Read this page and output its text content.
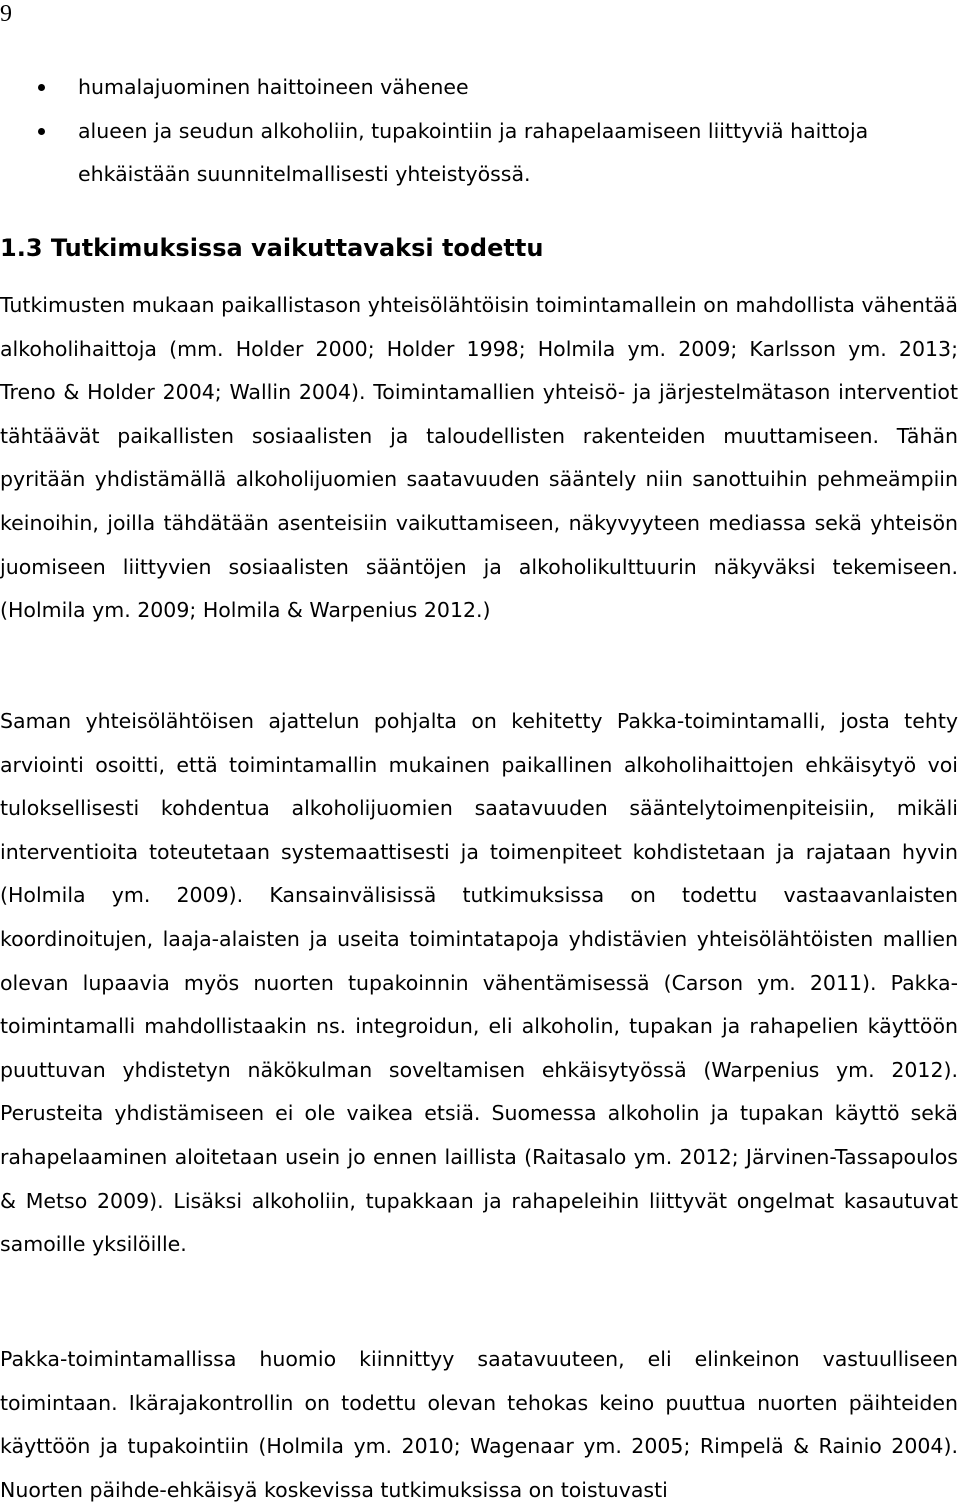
9
humalajuominen haittoineen vähenee
alueen ja seudun alkoholiin, tupakointiin ja rahapelaamiseen liittyviä haittoja ehkäistään suunnitelmallisesti yhteistyössä.
1.3 Tutkimuksissa vaikuttavaksi todettu

Tutkimusten mukaan paikallistason yhteisölähtöisin toimintamallein on mahdollista vähentää alkoholihaittoja (mm. Holder 2000; Holder 1998; Holmila ym. 2009; Karlsson ym. 2013; Treno & Holder 2004; Wallin 2004). Toimintamallien yhteisö- ja järjestelmätason interventiot tähtäävät paikallisten sosiaalisten ja taloudellisten rakenteiden muuttamiseen. Tähän pyritään yhdistämällä alkoholijuomien saatavuuden sääntely niin sanottuihin pehmeämpiin keinoihin, joilla tähdätään asenteisiin vaikuttamiseen, näkyvyyteen mediassa sekä yhteisön juomiseen liittyvien sosiaalisten sääntöjen ja alkoholikulttuurin näkyväksi tekemiseen. (Holmila ym. 2009; Holmila & Warpenius 2012.)

Saman yhteisölähtöisen ajattelun pohjalta on kehitetty Pakka-toimintamalli, josta tehty arviointi osoitti, että toimintamallin mukainen paikallinen alkoholihaittojen ehkäisytyö voi tuloksellisesti kohdentua alkoholijuomien saatavuuden sääntelytoimenpiteisiin, mikäli interventioita toteutetaan systemaattisesti ja toimenpiteet kohdistetaan ja rajataan hyvin (Holmila ym. 2009). Kansainvälisissä tutkimuksissa on todettu vastaavanlaisten koordinoitujen, laaja-alaisten ja useita toimintatapoja yhdistävien yhteisölähtöisten mallien olevan lupaavia myös nuorten tupakoinnin vähentämisessä (Carson ym. 2011). Pakka-toimintamalli mahdollistaakin ns. integroidun, eli alkoholin, tupakan ja rahapelien käyttöön puuttuvan yhdistetyn näkökulman soveltamisen ehkäisytyössä (Warpenius ym. 2012). Perusteita yhdistämiseen ei ole vaikea etsiä. Suomessa alkoholin ja tupakan käyttö sekä rahapelaaminen aloitetaan usein jo ennen laillista (Raitasalo ym. 2012; Järvinen-Tassapoulos & Metso 2009). Lisäksi alkoholiin, tupakkaan ja rahapeleihin liittyvät ongelmat kasautuvat samoille yksilöille.

Pakka-toimintamallissa huomio kiinnittyy saatavuuteen, eli elinkeinon vastuulliseen toimintaan. Ikärajakontrollin on todettu olevan tehokas keino puuttua nuorten päihteiden käyttöön ja tupakointiin (Holmila ym. 2010; Wagenaar ym. 2005; Rimpelä & Rainio 2004). Nuorten päihde-ehkäisyä koskevissa tutkimuksissa on toistuvasti
